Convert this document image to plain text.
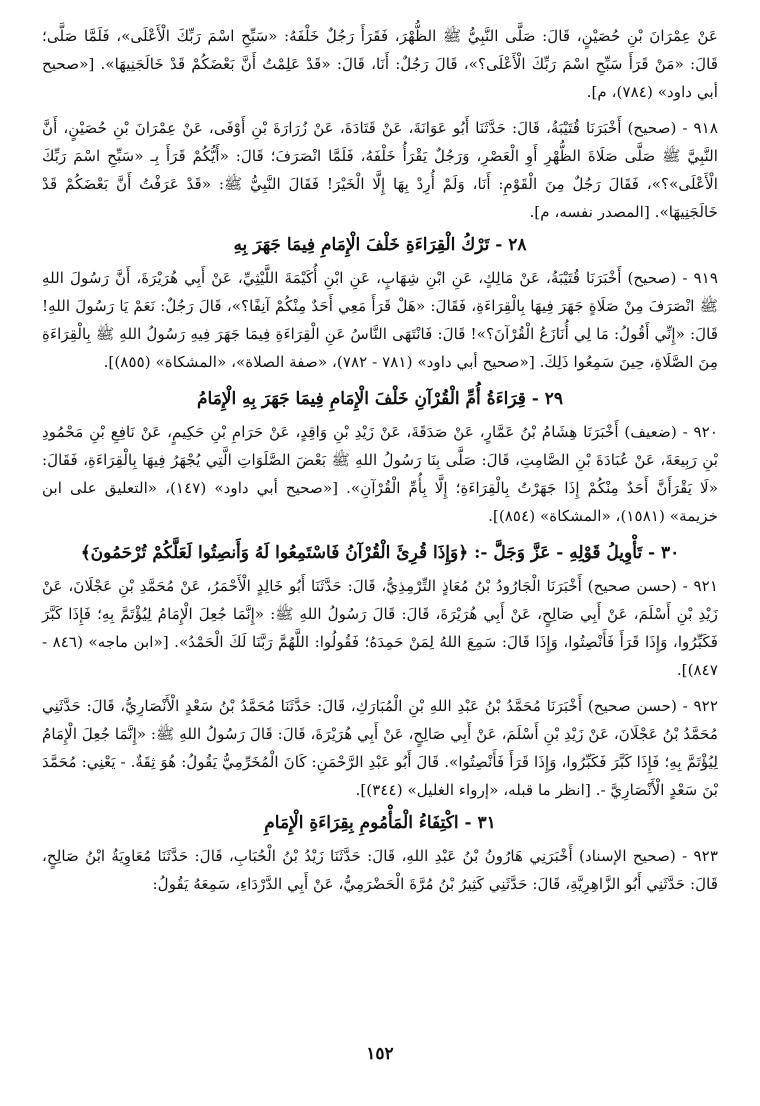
عَنْ عِمْرَانَ بْنِ حُصَيْنٍ، قَالَ: صَلَّى النَّبِيُّ ﷺ الظُّهْرَ، فَقَرَأَ رَجُلٌ خَلْفَهُ: «سَبِّحِ اسْمَ رَبِّكَ الْأَعْلَى»، فَلَمَّا صَلَّى؛ قَالَ: «مَنْ قَرَأَ سَبِّحِ اسْمَ رَبِّكَ الْأَعْلَى؟»، قَالَ رَجُلٌ: أَنَا، قَالَ: «قَدْ عَلِمْتُ أَنَّ بَعْضَكُمْ قَدْ خَالَجَنِيهَا». [«صحيح أبي داود» (٧٨٤)، م].

٩١٨ - (صحيح) أَخْبَرَنَا قُتَيْبَةُ، قَالَ: حَدَّثَنَا أَبُو عَوَانَةَ، عَنْ قَتَادَةَ، عَنْ زُرَارَةَ بْنِ أَوْفَى، عَنْ عِمْرَانَ بْنِ حُصَيْنٍ، أَنَّ النَّبِيَّ ﷺ صَلَّى صَلَاةَ الظُّهْرِ أَوِ الْعَصْرِ، وَرَجُلٌ يَقْرَأُ خَلْفَهُ، فَلَمَّا انْصَرَفَ؛ قَالَ: «أَيُّكُمْ قَرَأَ بِـ «سَبِّحِ اسْمَ رَبِّكَ الْأَعْلَى»؟»، فَقَالَ رَجُلٌ مِنَ الْقَوْمِ: أَنَا، وَلَمْ أُرِدْ بِهَا إِلَّا الْخَيْرَ! فَقَالَ النَّبِيُّ ﷺ: «قَدْ عَرَفْتُ أَنَّ بَعْضَكُمْ قَدْ خَالَجَنِيهَا». [المصدر نفسه، م].

٢٨ - تَرْكُ الْقِرَاءَةِ خَلْفَ الْإِمَامِ فِيمَا جَهَرَ بِهِ

٩١٩ - (صحيح) أَخْبَرَنَا قُتَيْبَةُ، عَنْ مَالِكٍ، عَنِ ابْنِ شِهَابٍ، عَنِ ابْنِ أُكَيْمَةَ اللَّيْثِيِّ، عَنْ أَبِي هُرَيْرَةَ، أَنَّ رَسُولَ اللهِ ﷺ انْصَرَفَ مِنْ صَلَاةٍ جَهَرَ فِيهَا بِالْقِرَاءَةِ، فَقَالَ: «هَلْ قَرَأَ مَعِي أَحَدٌ مِنْكُمْ آنِفًا؟»، قَالَ رَجُلٌ: نَعَمْ يَا رَسُولَ اللهِ! قَالَ: «إِنِّي أَقُولُ: مَا لِي أُنَازَعُ الْقُرْآنَ؟»! قَالَ: فَانْتَهَى النَّاسُ عَنِ الْقِرَاءَةِ فِيمَا جَهَرَ فِيهِ رَسُولُ اللهِ ﷺ بِالْقِرَاءَةِ مِنَ الصَّلَاةِ، حِينَ سَمِعُوا ذَلِكَ. [«صحيح أبي داود» (٧٨١ - ٧٨٢)، «صفة الصلاة»، «المشكاة» (٨٥٥)].

٢٩ - قِرَاءَةُ أُمِّ الْقُرْآنِ خَلْفَ الْإِمَامِ فِيمَا جَهَرَ بِهِ الْإِمَامُ

٩٢٠ - (ضعيف) أَخْبَرَنَا هِشَامُ بْنُ عَمَّارٍ، عَنْ صَدَقَةَ، عَنْ زَيْدِ بْنِ وَاقِدٍ، عَنْ حَرَامِ بْنِ حَكِيمٍ، عَنْ نَافِعِ بْنِ مَحْمُودِ بْنِ رَبِيعَةَ، عَنْ عُبَادَةَ بْنِ الصَّامِتِ، قَالَ: صَلَّى بِنَا رَسُولُ اللهِ ﷺ بَعْضَ الصَّلَوَاتِ الَّتِي يُجْهَرُ فِيهَا بِالْقِرَاءَةِ، فَقَالَ: «لَا يَقْرَأَنَّ أَحَدٌ مِنْكُمْ إِذَا جَهَرْتُ بِالْقِرَاءَةِ؛ إِلَّا بِأُمِّ الْقُرْآنِ». [«صحيح أبي داود» (١٤٧)، «التعليق على ابن خزيمة» (١٥٨١)، «المشكاة» (٨٥٤)].

٣٠ - تَأْوِيلُ قَوْلِهِ - عَزَّ وَجَلَّ -: ﴿وَإِذَا قُرِئَ الْقُرْآنُ فَاسْتَمِعُوا لَهُ وَأَنصِتُوا لَعَلَّكُمْ تُرْحَمُونَ﴾

٩٢١ - (حسن صحيح) أَخْبَرَنَا الْجَارُودُ بْنُ مُعَاذٍ التِّرْمِذِيُّ، قَالَ: حَدَّثَنَا أَبُو خَالِدٍ الْأَحْمَرُ، عَنْ مُحَمَّدِ بْنِ عَجْلَانَ، عَنْ زَيْدِ بْنِ أَسْلَمَ، عَنْ أَبِي صَالِحٍ، عَنْ أَبِي هُرَيْرَةَ، قَالَ: قَالَ رَسُولُ اللهِ ﷺ: «إِنَّمَا جُعِلَ الْإِمَامُ لِيُؤْتَمَّ بِهِ؛ فَإِذَا كَبَّرَ فَكَبِّرُوا، وَإِذَا قَرَأَ فَأَنْصِتُوا، وَإِذَا قَالَ: سَمِعَ اللهُ لِمَنْ حَمِدَهُ؛ فَقُولُوا: اللَّهُمَّ رَبَّنَا لَكَ الْحَمْدُ». [«ابن ماجه» (٨٤٦ - ٨٤٧)].

٩٢٢ - (حسن صحيح) أَخْبَرَنَا مُحَمَّدُ بْنُ عَبْدِ اللهِ بْنِ الْمُبَارَكِ، قَالَ: حَدَّثَنَا مُحَمَّدُ بْنُ سَعْدٍ الْأَنْصَارِيُّ، قَالَ: حَدَّثَنِي مُحَمَّدُ بْنُ عَجْلَانَ، عَنْ زَيْدِ بْنِ أَسْلَمَ، عَنْ أَبِي صَالِحٍ، عَنْ أَبِي هُرَيْرَةَ، قَالَ: قَالَ رَسُولُ اللهِ ﷺ: «إِنَّمَا جُعِلَ الْإِمَامُ لِيُؤْتَمَّ بِهِ؛ فَإِذَا كَبَّرَ فَكَبِّرُوا، وَإِذَا قَرَأَ فَأَنْصِتُوا». قَالَ أَبُو عَبْدِ الرَّحْمَنِ: كَانَ الْمُخَرِّمِيُّ يَقُولُ: هُوَ ثِقَةٌ. - يَعْنِي: مُحَمَّدَ بْنَ سَعْدٍ الْأَنْصَارِيَّ -. [انظر ما قبله، «إرواء الغليل» (٣٤٤)].

٣١ - اكْتِفَاءُ الْمَأْمُومِ بِقِرَاءَةِ الْإِمَامِ

٩٢٣ - (صحيح الإسناد) أَخْبَرَنِي هَارُونُ بْنُ عَبْدِ اللهِ، قَالَ: حَدَّثَنَا زَيْدُ بْنُ الْحُبَابِ، قَالَ: حَدَّثَنَا مُعَاوِيَةُ ابْنُ صَالِحٍ، قَالَ: حَدَّثَنِي أَبُو الزَّاهِرِيَّةِ، قَالَ: حَدَّثَنِي كَثِيرُ بْنُ مُرَّةَ الْحَضْرَمِيُّ، عَنْ أَبِي الدَّرْدَاءِ، سَمِعَهُ يَقُولُ:

١٥٢
